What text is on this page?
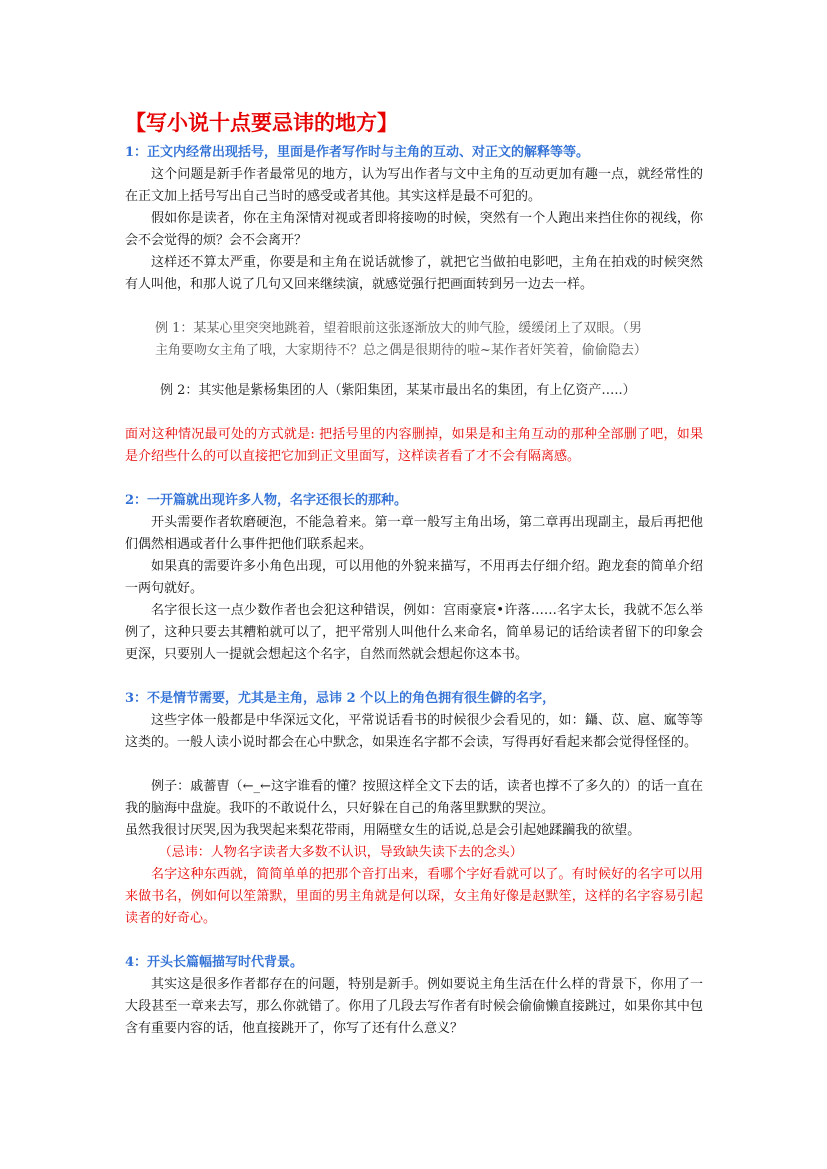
【写小说十点要忌讳的地方】

1：正文内经常出现括号，里面是作者写作时与主角的互动、对正文的解释等等。

这个问题是新手作者最常见的地方，认为写出作者与文中主角的互动更加有趣一点，就经常性的在正文加上括号写出自己当时的感受或者其他。其实这样是最不可犯的。

假如你是读者，你在主角深情对视或者即将接吻的时候，突然有一个人跑出来挡住你的视线，你会不会觉得的烦？会不会离开？

这样还不算太严重，你要是和主角在说话就惨了，就把它当做拍电影吧，主角在拍戏的时候突然有人叫他，和那人说了几句又回来继续演，就感觉强行把画面转到另一边去一样。

例 1：某某心里突突地跳着，望着眼前这张逐渐放大的帅气脸，缓缓闭上了双眼。（男
主角要吻女主角了哦，大家期待不？总之偶是很期待的啦~某作者奸笑着，偷偷隐去）

例 2：其实他是紫杨集团的人（紫阳集团，某某市最出名的集团，有上亿资产…..）

面对这种情况最可处的方式就是: 把括号里的内容删掉，如果是和主角互动的那种全部删了吧，如果是介绍些什么的可以直接把它加到正文里面写，这样读者看了才不会有隔离感。

2：一开篇就出现许多人物，名字还很长的那种。

开头需要作者软磨硬泡，不能急着来。第一章一般写主角出场，第二章再出现副主，最后再把他们偶然相遇或者什么事件把他们联系起来。

如果真的需要许多小角色出现，可以用他的外貌来描写，不用再去仔细介绍。跑龙套的简单介绍一两句就好。

名字很长这一点少数作者也会犯这种错误，例如：宫雨豪宸•许落……名字太长，我就不怎么举例了，这种只要去其糟粕就可以了，把平常别人叫他什么来命名，简单易记的话给读者留下的印象会更深，只要别人一提就会想起这个名字，自然而然就会想起你这本书。

3：不是情节需要，尤其是主角，忌讳 2 个以上的角色拥有很生僻的名字，

这些字体一般都是中华深远文化，平常说话看书的时候很少会看见的，如：鑷、苡、扈、寙等等这类的。一般人读小说时都会在心中默念，如果连名字都不会读，写得再好看起来都会觉得怪怪的。

例子：戚薔曺（←_←这字谁看的懂？按照这样全文下去的话，读者也撑不了多久的）的话一直在我的脑海中盘旋。我吓的不敢说什么，只好躲在自己的角落里默默的哭泣。

虽然我很讨厌哭,因为我哭起来梨花带雨，用隔壁女生的话说,总是会引起她蹂躏我的欲望。

（忌讳：人物名字读者大多数不认识，导致缺失读下去的念头）

名字这种东西就，简简单单的把那个音打出来，看哪个字好看就可以了。有时候好的名字可以用来做书名，例如何以笙箫默，里面的男主角就是何以琛，女主角好像是赵默笙，这样的名字容易引起读者的好奇心。

4：开头长篇幅描写时代背景。

其实这是很多作者都存在的问题，特别是新手。例如要说主角生活在什么样的背景下，你用了一大段甚至一章来去写，那么你就错了。你用了几段去写作者有时候会偷偷懒直接跳过，如果你其中包含有重要内容的话，他直接跳开了，你写了还有什么意义？
